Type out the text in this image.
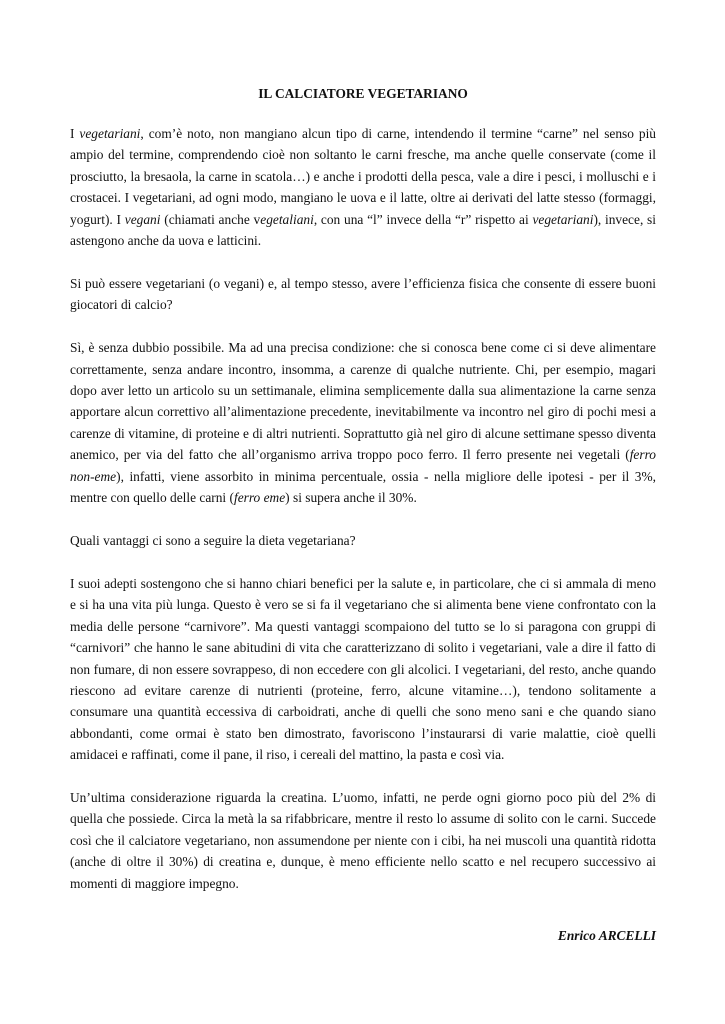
IL CALCIATORE VEGETARIANO

I vegetariani, com’è noto, non mangiano alcun tipo di carne, intendendo il termine “carne” nel senso più ampio del termine, comprendendo cioè non soltanto le carni fresche, ma anche quelle conservate (come il prosciutto, la bresaola, la carne in scatola…) e anche i prodotti della pesca, vale a dire i pesci, i molluschi e i crostacei. I vegetariani, ad ogni modo, mangiano le uova e il latte, oltre ai derivati del latte stesso (formaggi, yogurt). I vegani (chiamati anche vegetaliani, con una “l” invece della “r” rispetto ai vegetariani), invece, si astengono anche da uova e latticini.

Si può essere vegetariani (o vegani) e, al tempo stesso, avere l’efficienza fisica che consente di essere buoni giocatori di calcio?

Sì, è senza dubbio possibile. Ma ad una precisa condizione: che si conosca bene come ci si deve alimentare correttamente, senza andare incontro, insomma, a carenze di qualche nutriente. Chi, per esempio, magari dopo aver letto un articolo su un settimanale, elimina semplicemente dalla sua alimentazione la carne senza apportare alcun correttivo all’alimentazione precedente, inevitabilmente va incontro nel giro di pochi mesi a carenze di vitamine, di proteine e di altri nutrienti. Soprattutto già nel giro di alcune settimane spesso diventa anemico, per via del fatto che all’organismo arriva troppo poco ferro. Il ferro presente nei vegetali (ferro non-eme), infatti, viene assorbito in minima percentuale, ossia - nella migliore delle ipotesi - per il 3%, mentre con quello delle carni (ferro eme) si supera anche il 30%.

Quali vantaggi ci sono a seguire la dieta vegetariana?

I suoi adepti sostengono che si hanno chiari benefici per la salute e, in particolare, che ci si ammala di meno e si ha una vita più lunga. Questo è vero se si fa il vegetariano che si alimenta bene viene confrontato con la media delle persone “carnivore”. Ma questi vantaggi scompaiono del tutto se lo si paragona con gruppi di “carnivori” che hanno le sane abitudini di vita che caratterizzano di solito i vegetariani, vale a dire il fatto di non fumare, di non essere sovrappeso, di non eccedere con gli alcolici. I vegetariani, del resto, anche quando riescono ad evitare carenze di nutrienti (proteine, ferro, alcune vitamine…), tendono solitamente a consumare una quantità eccessiva di carboidrati, anche di quelli che sono meno sani e che quando siano abbondanti, come ormai è stato ben dimostrato, favoriscono l’instaurarsi di varie malattie, cioè quelli amidacei e raffinati, come il pane, il riso, i cereali del mattino, la pasta e così via.

Un’ultima considerazione riguarda la creatina. L’uomo, infatti, ne perde ogni giorno poco più del 2% di quella che possiede. Circa la metà la sa rifabbricare, mentre il resto lo assume di solito con le carni. Succede così che il calciatore vegetariano, non assumendone per niente con i cibi, ha nei muscoli una quantità ridotta (anche di oltre il 30%) di creatina e, dunque, è meno efficiente nello scatto e nel recupero successivo ai momenti di maggiore impegno.

Enrico ARCELLI
